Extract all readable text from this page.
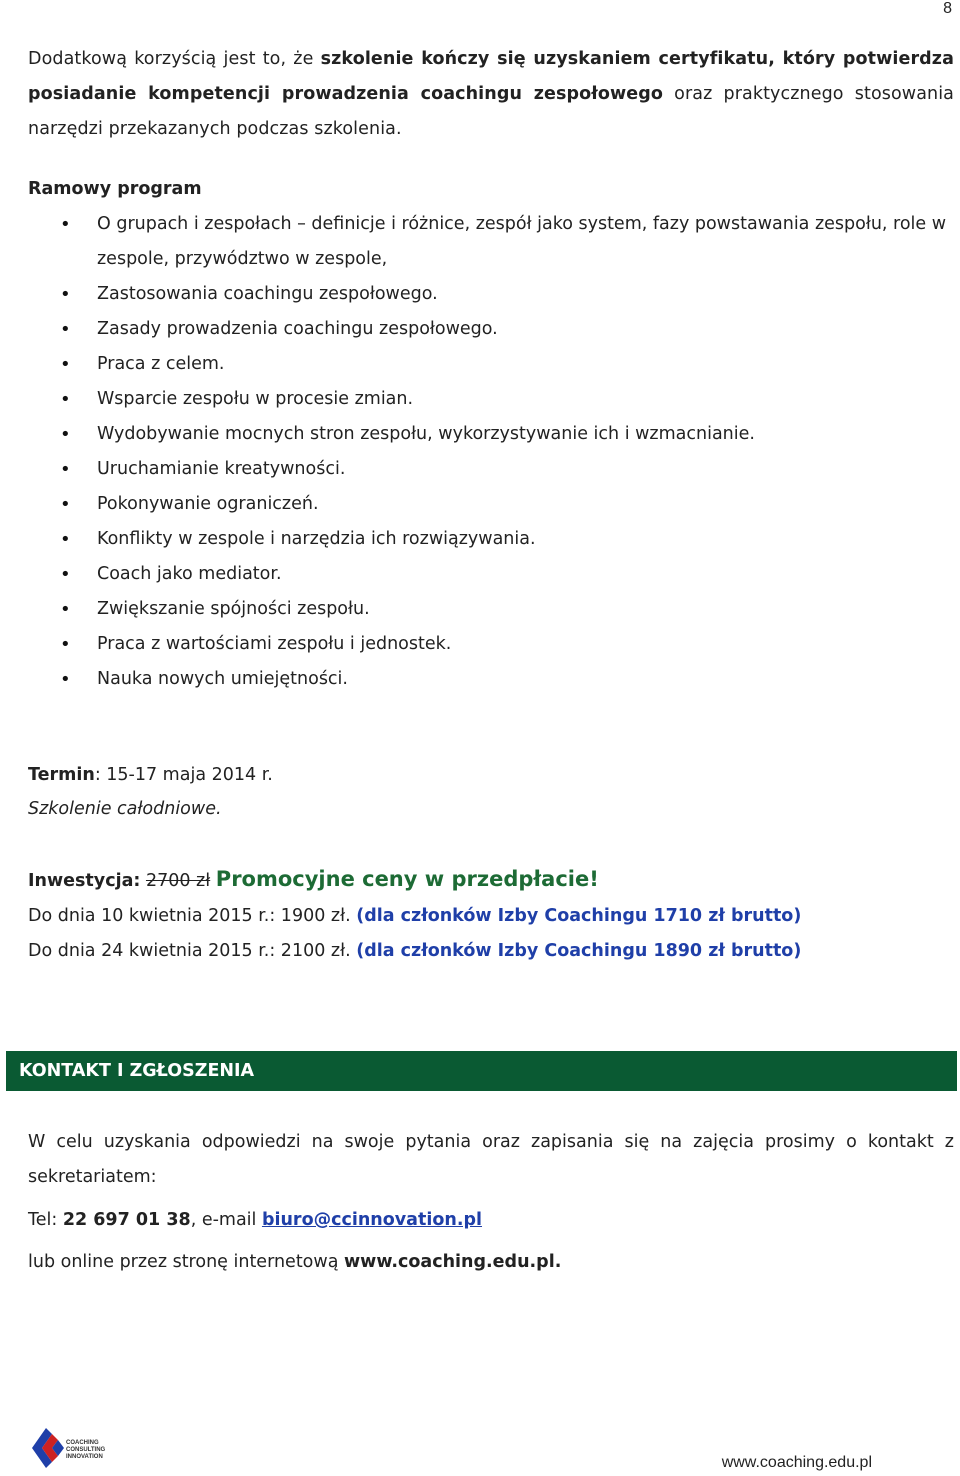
8

Dodatkową korzyścią jest to, że szkolenie kończy się uzyskaniem certyfikatu, który potwierdza posiadanie kompetencji prowadzenia coachingu zespołowego oraz praktycznego stosowania narzędzi przekazanych podczas szkolenia.

Ramowy program
• O grupach i zespołach – definicje i różnice, zespół jako system, fazy powstawania zespołu, role w zespole, przywództwo w zespole,
• Zastosowania coachingu zespołowego.
• Zasady prowadzenia coachingu zespołowego.
• Praca z celem.
• Wsparcie zespołu w procesie zmian.
• Wydobywanie mocnych stron zespołu, wykorzystywanie ich i wzmacnianie.
• Uruchamianie kreatywności.
• Pokonywanie ograniczeń.
• Konflikty w zespole i narzędzia ich rozwiązywania.
• Coach jako mediator.
• Zwiększanie spójności zespołu.
• Praca z wartościami zespołu i jednostek.
• Nauka nowych umiejętności.
Termin: 15-17 maja 2014 r.
Szkolenie całodniowe.
Inwestycja: 2700 zł Promocyjne ceny w przedpłacie!
Do dnia 10 kwietnia 2015 r.: 1900 zł. (dla członków Izby Coachingu 1710 zł brutto)
Do dnia 24 kwietnia 2015 r.: 2100 zł. (dla członków Izby Coachingu 1890 zł brutto)
KONTAKT I ZGŁOSZENIA

W celu uzyskania odpowiedzi na swoje pytania oraz zapisania się na zajęcia prosimy o kontakt z sekretariatem:

Tel: 22 697 01 38, e-mail biuro@ccinnovation.pl
lub online przez stronę internetową www.coaching.edu.pl.
COACHING
CONSULTING
INNOVATION	www.coaching.edu.pl
